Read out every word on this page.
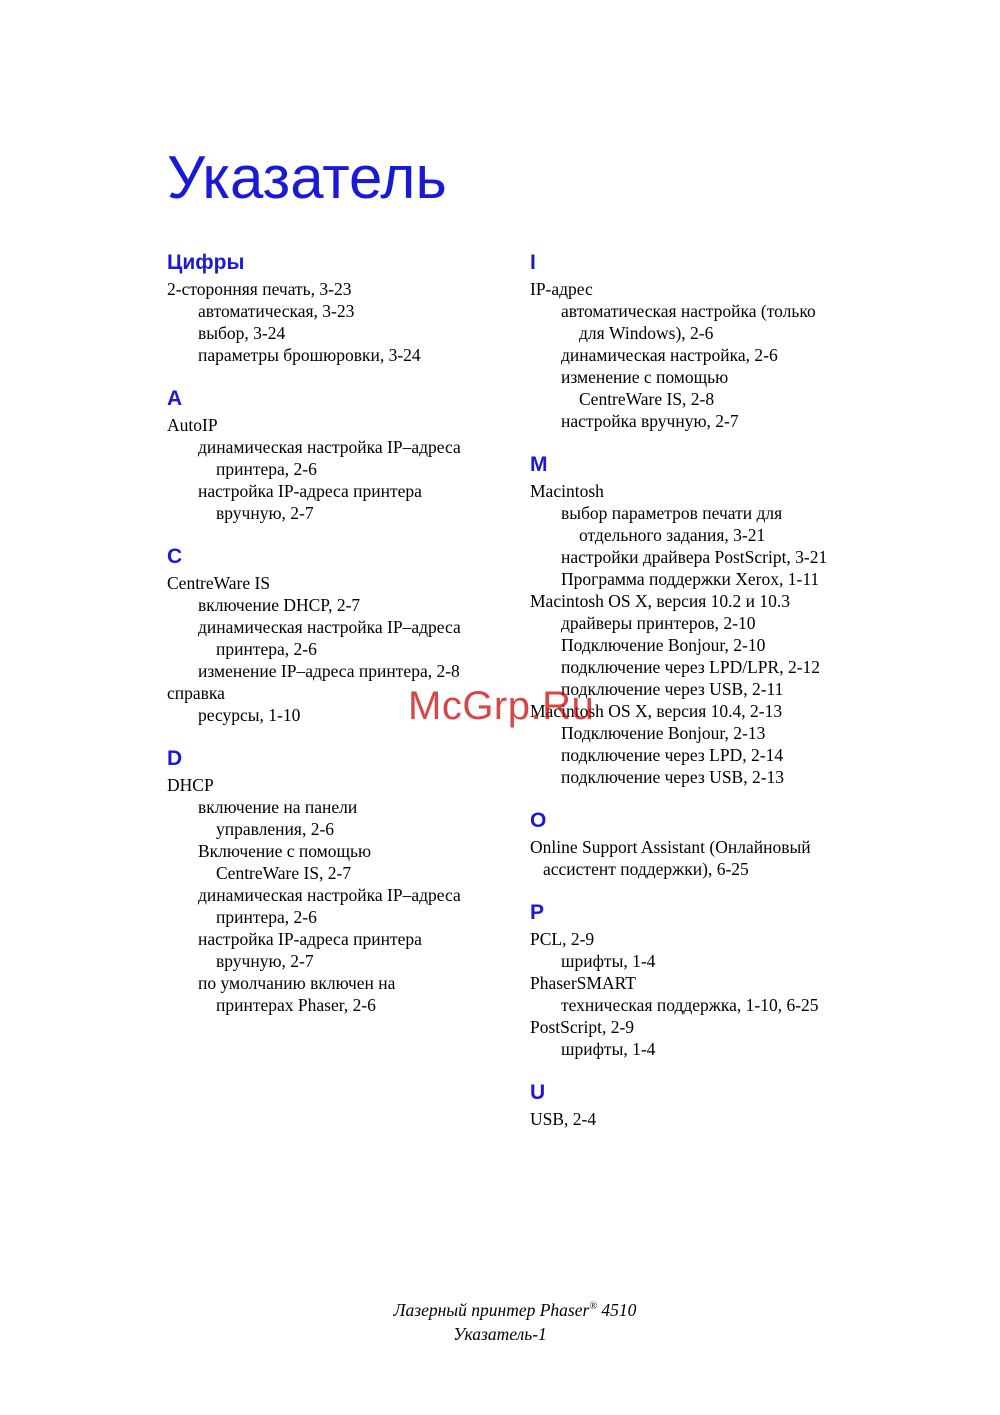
Указатель
Цифры
2-сторонняя печать, 3-23
автоматическая, 3-23
выбор, 3-24
параметры брошюровки, 3-24
A
AutoIP
динамическая настройка IP–адреса
принтера, 2-6
настройка IP-адреса принтера
вручную, 2-7
C
CentreWare IS
включение DHCP, 2-7
динамическая настройка IP–адреса
принтера, 2-6
изменение IP–адреса принтера, 2-8
справка
ресурсы, 1-10
D
DHCP
включение на панели
управления, 2-6
Включение с помощью
CentreWare IS, 2-7
динамическая настройка IP–адреса
принтера, 2-6
настройка IP-адреса принтера
вручную, 2-7
по умолчанию включен на
принтерах Phaser, 2-6
I
IP-адрес
автоматическая настройка (только
для Windows), 2-6
динамическая настройка, 2-6
изменение с помощью
CentreWare IS, 2-8
настройка вручную, 2-7
M
Macintosh
выбор параметров печати для
отдельного задания, 3-21
настройки драйвера PostScript, 3-21
Программа поддержки Xerox, 1-11
Macintosh OS X, версия 10.2 и 10.3
драйверы принтеров, 2-10
Подключение Bonjour, 2-10
подключение через LPD/LPR, 2-12
подключение через USB, 2-11
Macintosh OS X, версия 10.4, 2-13
Подключение Bonjour, 2-13
подключение через LPD, 2-14
подключение через USB, 2-13
O
Online Support Assistant (Онлайновый
ассистент поддержки), 6-25
P
PCL, 2-9
шрифты, 1-4
PhaserSMART
техническая поддержка, 1-10, 6-25
PostScript, 2-9
шрифты, 1-4
U
USB, 2-4
McGrp.Ru
Лазерный принтер Phaser® 4510
Указатель-1
